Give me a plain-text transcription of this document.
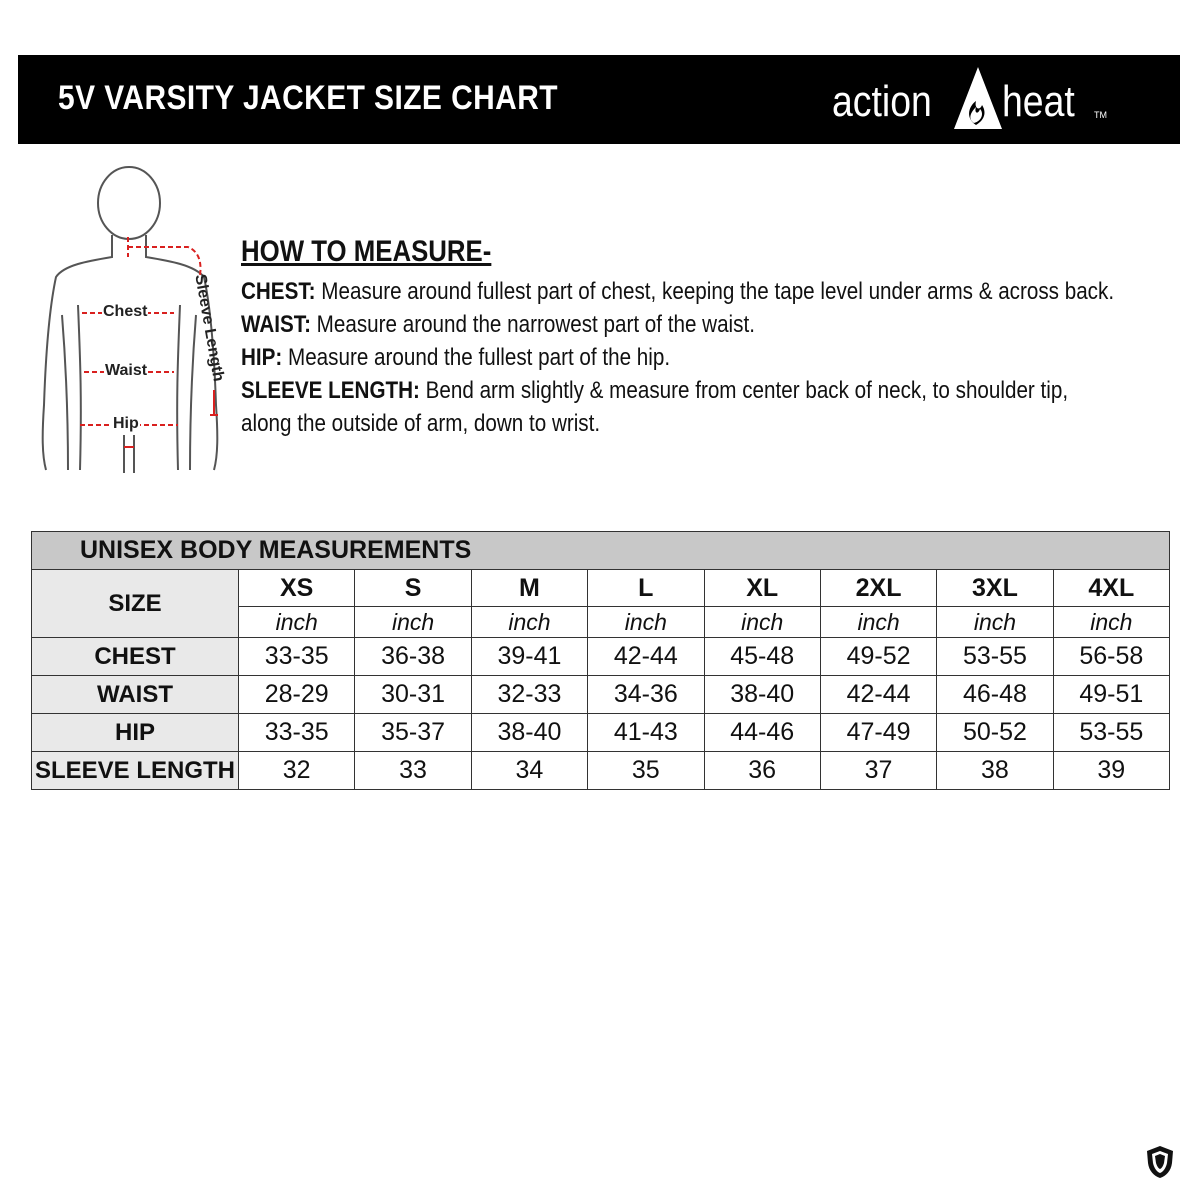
5V VARSITY JACKET SIZE CHART	action heat TM
Chest
Waist
Hip
Sleeve Length
HOW TO MEASURE-
CHEST: Measure around fullest part of chest, keeping the tape level under arms & across back.
WAIST: Measure around the narrowest part of the waist.
HIP: Measure around the fullest part of the hip.
SLEEVE LENGTH: Bend arm slightly & measure from center back of neck, to shoulder tip,
along the outside of arm, down to wrist.
UNISEX BODY MEASUREMENTS								
SIZE	XS	S	M	L	XL	2XL	3XL	4XL
	inch	inch	inch	inch	inch	inch	inch	inch
CHEST	33-35	36-38	39-41	42-44	45-48	49-52	53-55	56-58
WAIST	28-29	30-31	32-33	34-36	38-40	42-44	46-48	49-51
HIP	33-35	35-37	38-40	41-43	44-46	47-49	50-52	53-55
SLEEVE LENGTH	32	33	34	35	36	37	38	39
